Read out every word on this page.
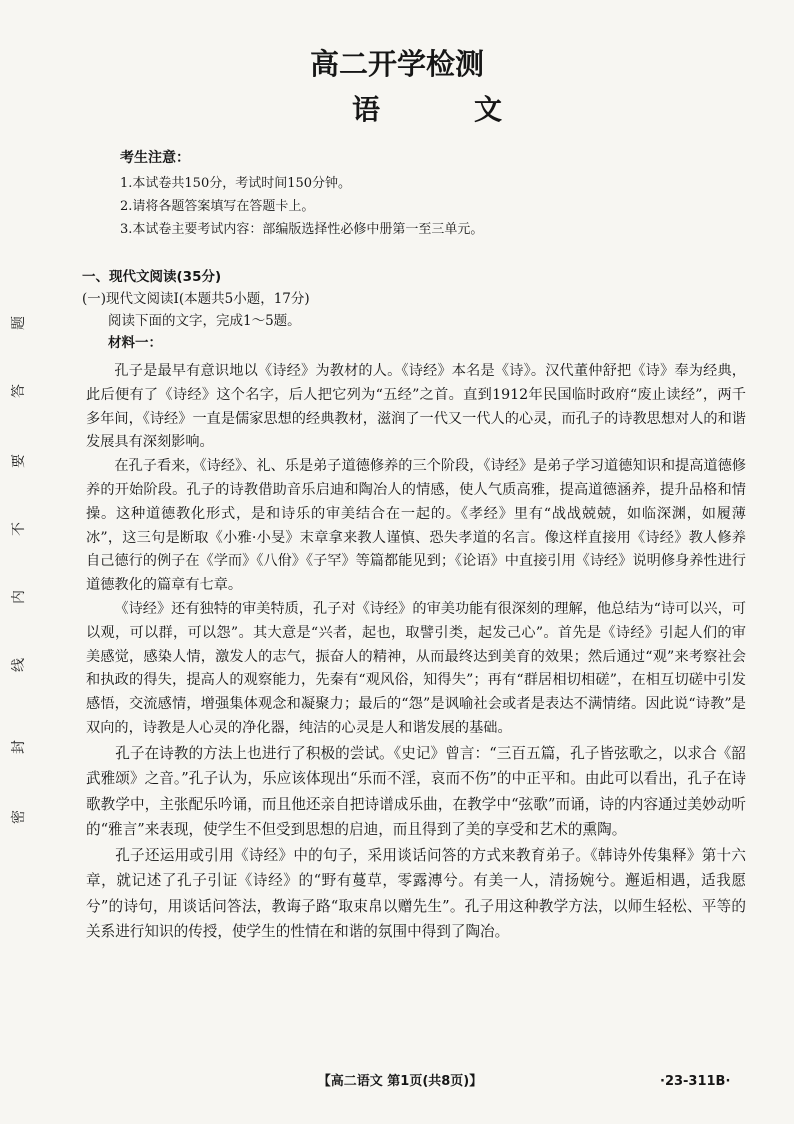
密
封
线
内
不
要
答
题
高二开学检测
语	文
考生注意：
1.本试卷共150分，考试时间150分钟。
2.请将各题答案填写在答题卡上。
3.本试卷主要考试内容：部编版选择性必修中册第一至三单元。
一、现代文阅读(35分)
(一)现代文阅读Ⅰ(本题共5小题，17分)
阅读下面的文字，完成1～5题。
材料一：

孔子是最早有意识地以《诗经》为教材的人。《诗经》本名是《诗》。汉代董仲舒把《诗》奉为经典，此后便有了《诗经》这个名字，后人把它列为“五经”之首。直到1912年民国临时政府“废止读经”，两千多年间，《诗经》一直是儒家思想的经典教材，滋润了一代又一代人的心灵，而孔子的诗教思想对人的和谐发展具有深刻影响。

在孔子看来，《诗经》、礼、乐是弟子道德修养的三个阶段，《诗经》是弟子学习道德知识和提高道德修养的开始阶段。孔子的诗教借助音乐启迪和陶冶人的情感，使人气质高雅，提高道德涵养，提升品格和情操。这种道德教化形式，是和诗乐的审美结合在一起的。《孝经》里有“战战兢兢，如临深渊，如履薄冰”，这三句是断取《小雅·小旻》末章拿来教人谨慎、恐失孝道的名言。像这样直接用《诗经》教人修养自己德行的例子在《学而》《八佾》《子罕》等篇都能见到；《论语》中直接引用《诗经》说明修身养性进行道德教化的篇章有七章。

《诗经》还有独特的审美特质，孔子对《诗经》的审美功能有很深刻的理解，他总结为“诗可以兴，可以观，可以群，可以怨”。其大意是“兴者，起也，取譬引类，起发己心”。首先是《诗经》引起人们的审美感觉，感染人情，激发人的志气，振奋人的精神，从而最终达到美育的效果；然后通过“观”来考察社会和执政的得失，提高人的观察能力，先秦有“观风俗，知得失”；再有“群居相切相磋”，在相互切磋中引发感悟，交流感情，增强集体观念和凝聚力；最后的“怨”是讽喻社会或者是表达不满情绪。因此说“诗教”是双向的，诗教是人心灵的净化器，纯洁的心灵是人和谐发展的基础。

孔子在诗教的方法上也进行了积极的尝试。《史记》曾言：“三百五篇，孔子皆弦歌之，以求合《韶武雅颂》之音。”孔子认为，乐应该体现出“乐而不淫，哀而不伤”的中正平和。由此可以看出，孔子在诗歌教学中，主张配乐吟诵，而且他还亲自把诗谱成乐曲，在教学中“弦歌”而诵，诗的内容通过美妙动听的“雅言”来表现，使学生不但受到思想的启迪，而且得到了美的享受和艺术的熏陶。

孔子还运用或引用《诗经》中的句子，采用谈话问答的方式来教育弟子。《韩诗外传集释》第十六章，就记述了孔子引证《诗经》的“野有蔓草，零露漙兮。有美一人，清扬婉兮。邂逅相遇，适我愿兮”的诗句，用谈话问答法，教诲子路“取束帛以赠先生”。孔子用这种教学方法，以师生轻松、平等的关系进行知识的传授，使学生的性情在和谐的氛围中得到了陶冶。

【高二语文 第1页(共8页)】	·23-311B·
